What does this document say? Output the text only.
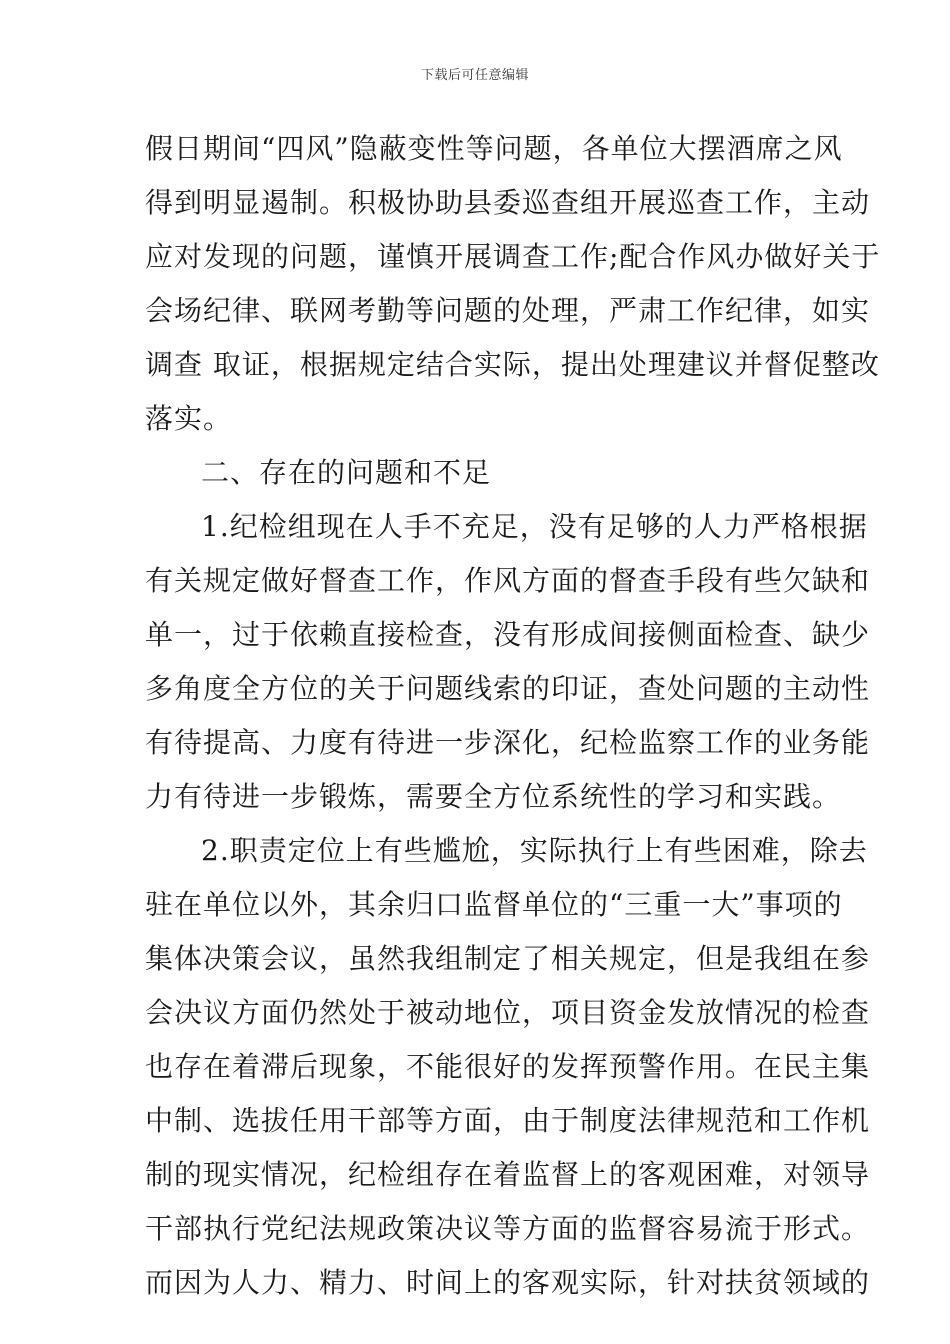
下载后可任意编辑
假日期间“四风”隐蔽变性等问题，各单位大摆酒席之风
得到明显遏制。积极协助县委巡查组开展巡查工作，主动
应对发现的问题，谨慎开展调查工作;配合作风办做好关于
会场纪律、联网考勤等问题的处理，严肃工作纪律，如实
调查 取证，根据规定结合实际，提出处理建议并督促整改
落实。
二、存在的问题和不足
1.纪检组现在人手不充足，没有足够的人力严格根据
有关规定做好督查工作，作风方面的督查手段有些欠缺和
单一，过于依赖直接检查，没有形成间接侧面检查、缺少
多角度全方位的关于问题线索的印证，查处问题的主动性
有待提高、力度有待进一步深化，纪检监察工作的业务能
力有待进一步锻炼，需要全方位系统性的学习和实践。
2.职责定位上有些尴尬，实际执行上有些困难，除去
驻在单位以外，其余归口监督单位的“三重一大”事项的
集体决策会议，虽然我组制定了相关规定，但是我组在参
会决议方面仍然处于被动地位，项目资金发放情况的检查
也存在着滞后现象，不能很好的发挥预警作用。在民主集
中制、选拔任用干部等方面，由于制度法律规范和工作机
制的现实情况，纪检组存在着监督上的客观困难，对领导
干部执行党纪法规政策决议等方面的监督容易流于形式。
而因为人力、精力、时间上的客观实际，针对扶贫领域的
